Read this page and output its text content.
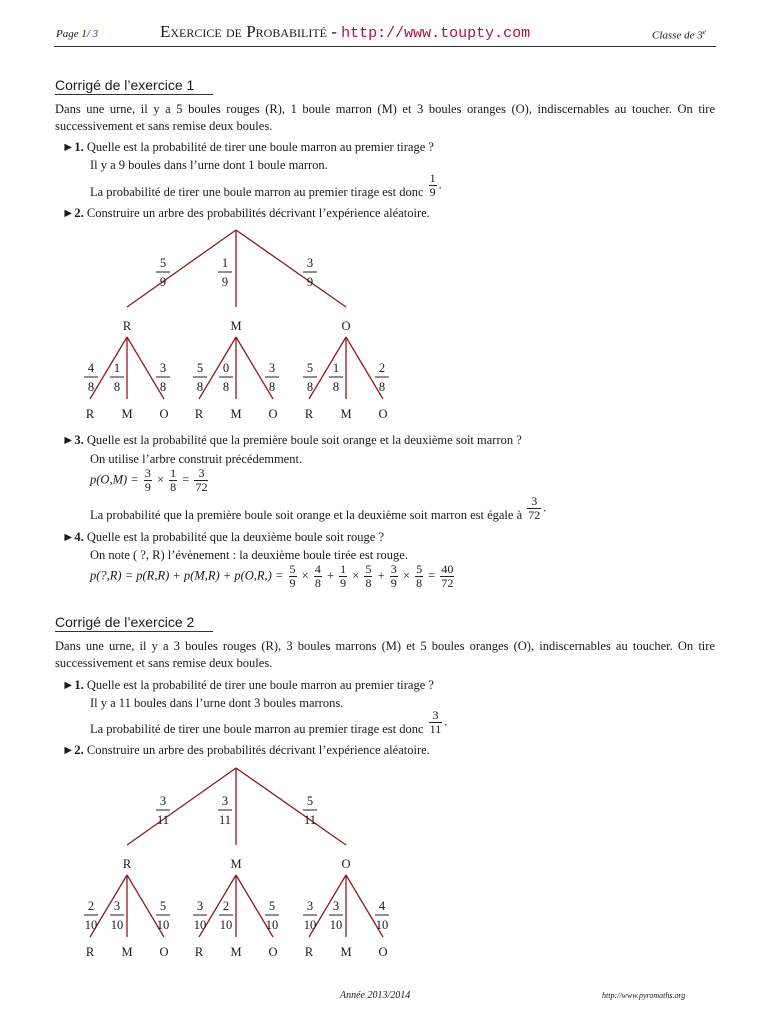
Page 1/ 3	Exercice de Probabilité - http://www.toupty.com	Classe de 3e
Corrigé de l’exercice 1
Dans une urne, il y a 5 boules rouges (R), 1 boule marron (M) et 3 boules oranges (O), indiscernables au toucher. On tire successivement et sans remise deux boules.
►1. Quelle est la probabilité de tirer une boule marron au premier tirage ?
Il y a 9 boules dans l’urne dont 1 boule marron.
La probabilité de tirer une boule marron au premier tirage est donc $\frac{1}{9}$ .
►2. Construire un arbre des probabilités décrivant l’expérience aléatoire.
5
9
R
4
8
R
1
8
M
3
8
O
1
9
M
5
8
R
0
8
M
3
8
O
3
9
O
5
8
R
1
8
M
2
8
O
►3. Quelle est la probabilité que la première boule soit orange et la deuxième soit marron ?
On utilise l’arbre construit précédemment.
$p(O,M) = \frac{3}{9} \times \frac{1}{8} = \frac{3}{72}$
La probabilité que la première boule soit orange et la deuxième soit marron est égale à $\frac{3}{72}$ .
►4. Quelle est la probabilité que la deuxième boule soit rouge ?
On note ( ?, R) l’évènement : la deuxième boule tirée est rouge.
p(?,R) = $p(R,R) + p(M,R) + p(O,R,) = \frac{5}{9} \times \frac{4}{8} + \frac{1}{9} \times \frac{5}{8} + \frac{3}{9} \times \frac{5}{8} = \frac{40}{72}$
Corrigé de l’exercice 2
Dans une urne, il y a 3 boules rouges (R), 3 boules marrons (M) et 5 boules oranges (O), indiscernables au toucher. On tire successivement et sans remise deux boules.
►1. Quelle est la probabilité de tirer une boule marron au premier tirage ?
Il y a 11 boules dans l’urne dont 3 boules marrons.
La probabilité de tirer une boule marron au premier tirage est donc $\frac{3}{11}$ .
►2. Construire un arbre des probabilités décrivant l’expérience aléatoire.
3
11
R
2
10
R
3
10
M
5
10
O
3
11
M
3
10
R
2
10
M
5
10
O
5
11
O
3
10
R
3
10
M
4
10
O
Année 2013/2014	http://www.pyromaths.org
